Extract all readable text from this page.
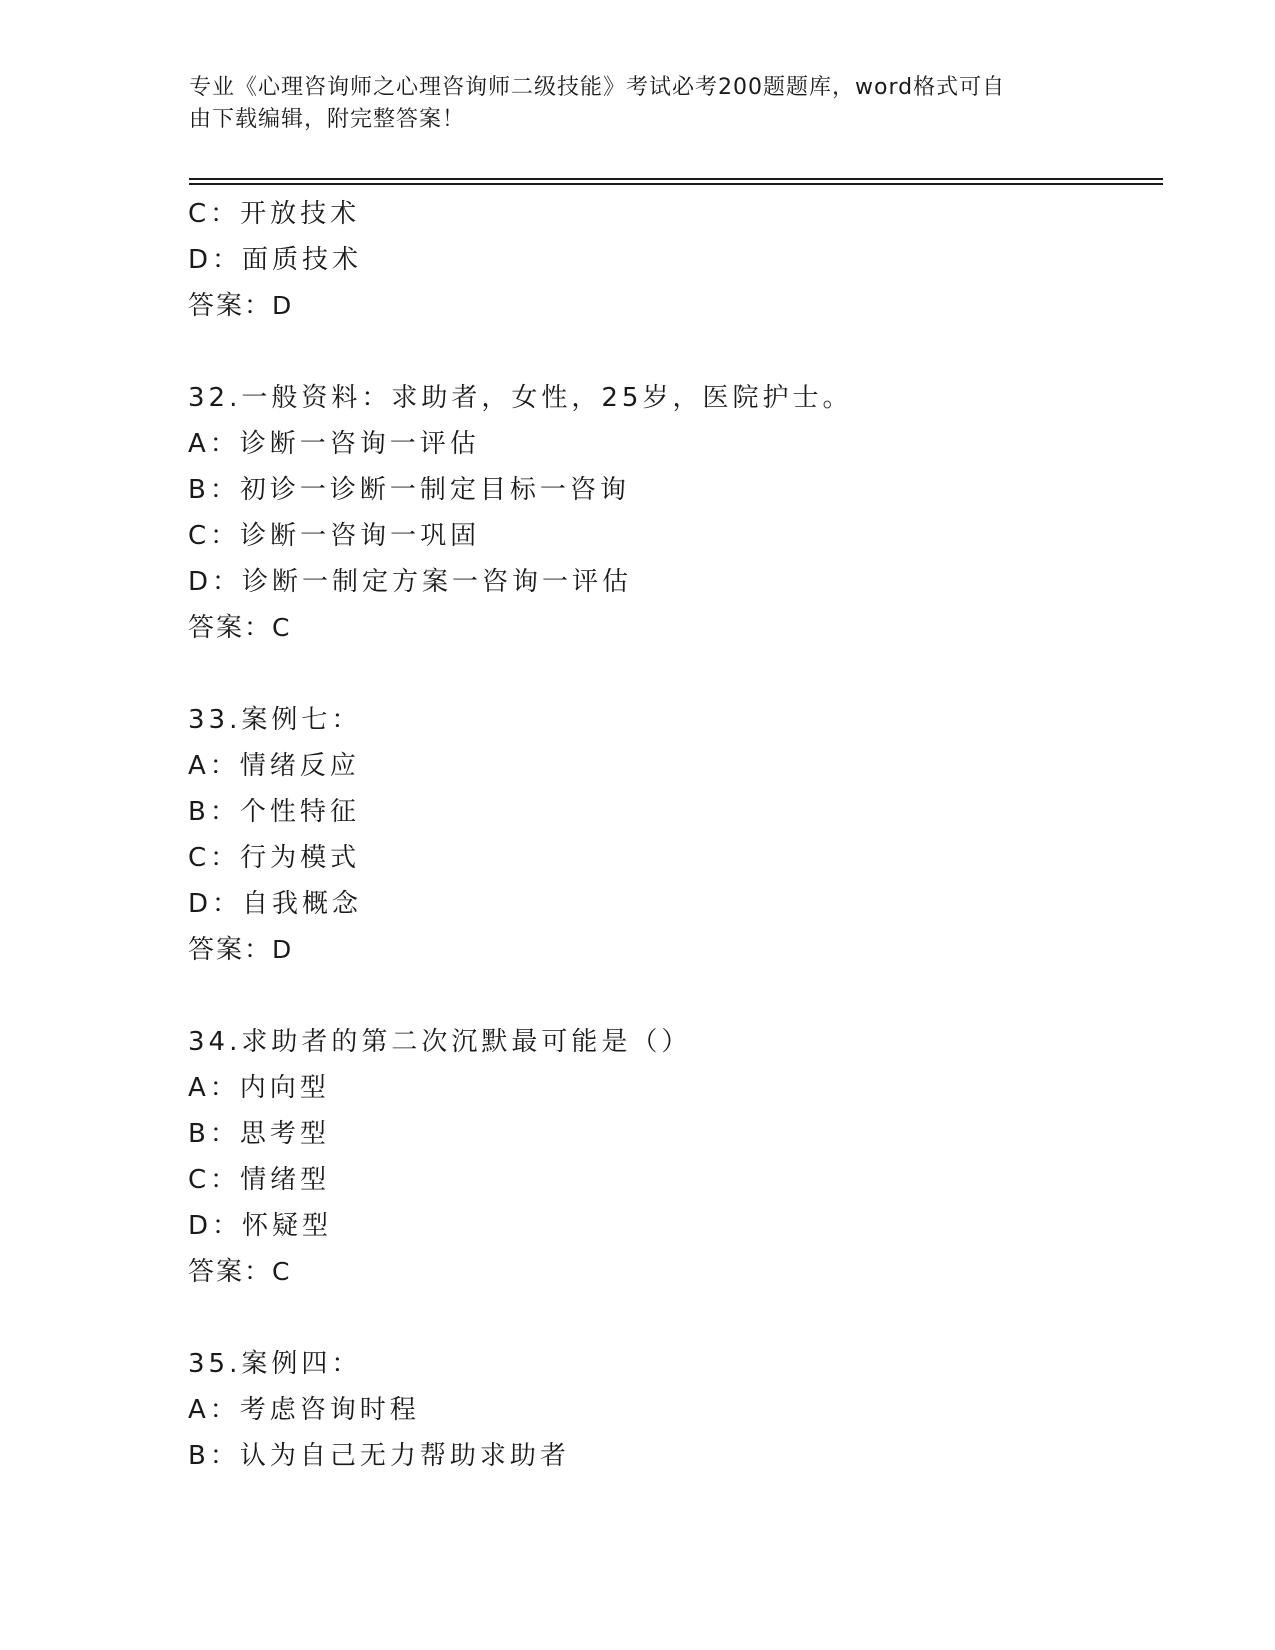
专业《心理咨询师之心理咨询师二级技能》考试必考200题题库，word格式可自
由下载编辑，附完整答案！
C：开放技术
D：面质技术
答案：D
32.一般资料：求助者，女性，25岁，医院护士。
A：诊断一咨询一评估
B：初诊一诊断一制定目标一咨询
C：诊断一咨询一巩固
D：诊断一制定方案一咨询一评估
答案：C
33.案例七：
A：情绪反应
B：个性特征
C：行为模式
D：自我概念
答案：D
34.求助者的第二次沉默最可能是（）
A：内向型
B：思考型
C：情绪型
D：怀疑型
答案：C
35.案例四：
A：考虑咨询时程
B：认为自己无力帮助求助者
